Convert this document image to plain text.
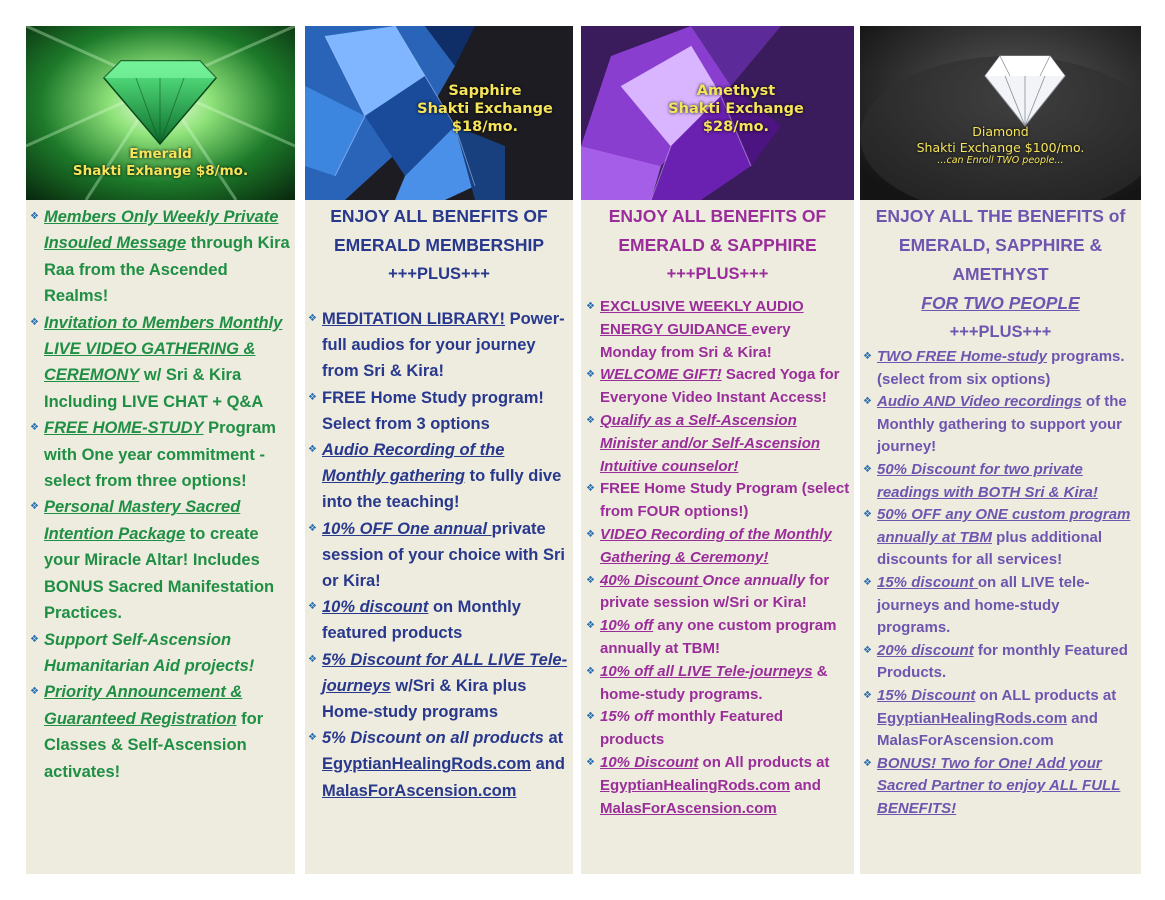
Emerald
Shakti Exhange $8/mo.
❖ Members Only Weekly Private Insouled Message through Kira Raa from the Ascended Realms!
❖ Invitation to Members Monthly LIVE VIDEO GATHERING & CEREMONY w/ Sri & Kira Including LIVE CHAT + Q&A
❖ FREE HOME-STUDY Program with One year commitment - select from three options!
❖ Personal Mastery Sacred Intention Package to create your Miracle Altar! Includes BONUS Sacred Manifestation Practices.
❖ Support Self-Ascension Humanitarian Aid projects!
❖ Priority Announcement & Guaranteed Registration for Classes & Self-Ascension activates!
Sapphire
Shakti Exchange
$18/mo.
ENJOY ALL BENEFITS OF EMERALD MEMBERSHIP
+++PLUS+++
❖ MEDITATION LIBRARY! Power-full audios for your journey from Sri & Kira!
❖ FREE Home Study program! Select from 3 options
❖ Audio Recording of the Monthly gathering to fully dive into the teaching!
❖ 10% OFF One annual private session of your choice with Sri or Kira!
❖ 10% discount on Monthly featured products
❖ 5% Discount for ALL LIVE Tele-journeys w/Sri & Kira plus Home-study programs
❖ 5% Discount on all products at EgyptianHealingRods.com and MalasForAscension.com
Amethyst
Shakti Exchange
$28/mo.
ENJOY ALL BENEFITS OF EMERALD & SAPPHIRE
+++PLUS+++
❖ EXCLUSIVE WEEKLY AUDIO ENERGY GUIDANCE every Monday from Sri & Kira!
❖ WELCOME GIFT! Sacred Yoga for Everyone Video Instant Access!
❖ Qualify as a Self-Ascension Minister and/or Self-Ascension Intuitive counselor!
❖ FREE Home Study Program (select from FOUR options!)
❖ VIDEO Recording of the Monthly Gathering & Ceremony!
❖ 40% Discount Once annually for private session w/Sri or Kira!
❖ 10% off any one custom program annually at TBM!
❖ 10% off all LIVE Tele-journeys & home-study programs.
❖ 15% off monthly Featured products
❖ 10% Discount on All products at EgyptianHealingRods.com and MalasForAscension.com
Diamond
Shakti Exchange $100/mo.
...can Enroll TWO people...
ENJOY ALL THE BENEFITS of EMERALD, SAPPHIRE & AMETHYST
FOR TWO PEOPLE
+++PLUS+++
❖ TWO FREE Home-study programs. (select from six options)
❖ Audio AND Video recordings of the Monthly gathering to support your journey!
❖ 50% Discount for two private readings with BOTH Sri & Kira!
❖ 50% OFF any ONE custom program annually at TBM plus additional discounts for all services!
❖ 15% discount on all LIVE tele-journeys and home-study programs.
❖ 20% discount for monthly Featured Products.
❖ 15% Discount on ALL products at EgyptianHealingRods.com and MalasForAscension.com
❖ BONUS! Two for One! Add your Sacred Partner to enjoy ALL FULL BENEFITS!
